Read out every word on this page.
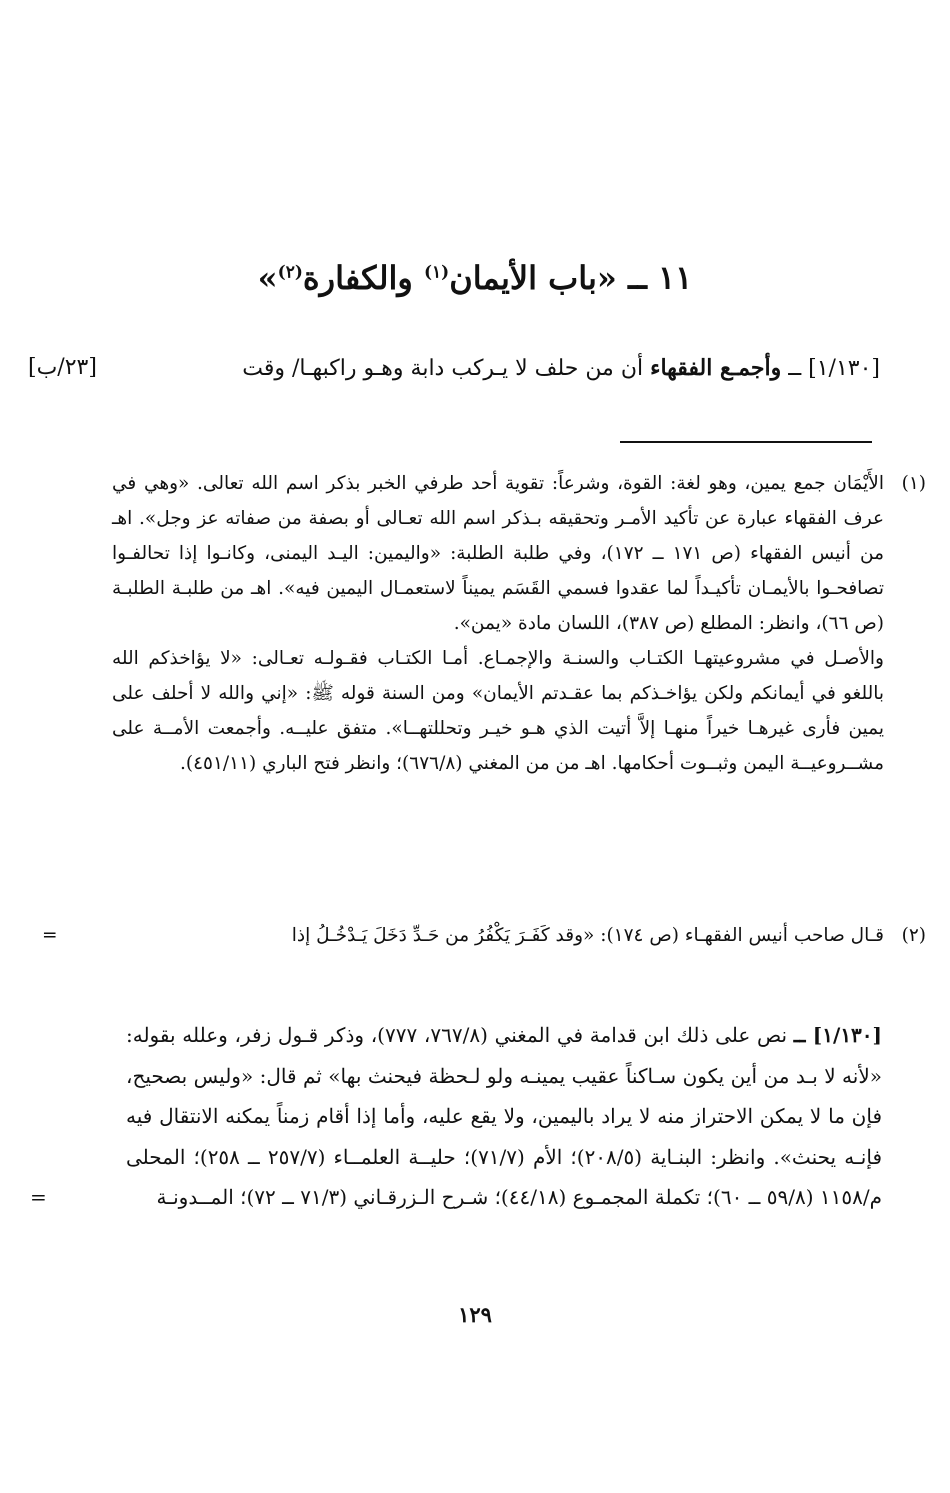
١١ ــ «باب الأيمان$^{(١)}$ والكفارة$^{(٢)}$»
[١/١٣٠] ــ وأجمـع الفقهاء أن من حلف لا يـركب دابة وهـو راكبهـا/ وقت
[٢٣/ب]
(١)

الأَيْمَان جمع يمين، وهو لغة: القوة، وشرعاً: تقوية أحد طرفي الخبر بذكر اسم الله تعالى. «وهي في عرف الفقهاء عبارة عن تأكيد الأمـر وتحقيقه بـذكر اسم الله تعـالى أو بصفة من صفاته عز وجل». اهـ من أنيس الفقهاء (ص ١٧١ ــ ١٧٢)، وفي طلبة الطلبة: «واليمين: اليـد اليمنى، وكانـوا إذا تحالفـوا تصافحـوا بالأيمـان تأكيـداً لما عقدوا فسمي القَسَم يميناً لاستعمـال اليمين فيه». اهـ من طلبـة الطلبـة (ص ٦٦)، وانظر: المطلع (ص ٣٨٧)، اللسان مادة «يمن».

والأصـل في مشروعيتهـا الكتـاب والسنـة والإجمـاع. أمـا الكتـاب فقـولـه تعـالى: «لا يؤاخذكم الله باللغو في أيمانكم ولكن يؤاخـذكم بما عقـدتم الأيمان» ومن السنة قوله ﷺ: «إني والله لا أحلف على يمين فأرى غيرهـا خيراً منهـا إلاَّ أتيت الذي هـو خيـر وتحللتهــا». متفق عليــه. وأجمعت الأمــة على مشــروعيــة اليمن وثبــوت أحكامها. اهـ من من المغني (٦٧٦/٨)؛ وانظر فتح الباري (٤٥١/١١).

(٢)

قـال صاحب أنيس الفقهـاء (ص ١٧٤): «وقد كَفَـرَ يَكْفُرُ من حَـدِّ دَخَلَ يَـدْخُـلُ إذا

=
[١/١٣٠] ــ نص على ذلك ابن قدامة في المغني (٧٦٧/٨، ٧٧٧)، وذكر قـول زفر، وعلله بقوله: «لأنه لا بـد من أين يكون سـاكناً عقيب يمينـه ولو لـحظة فيحنث بها» ثم قال: «وليس بصحيح، فإن ما لا يمكن الاحتراز منه لا يراد باليمين، ولا يقع عليه، وأما إذا أقام زمناً يمكنه الانتقال فيه فإنـه يحنث». وانظر: البنـاية (٢٠٨/٥)؛ الأم (٧١/٧)؛ حليــة العلمــاء (٢٥٧/٧ ــ ٢٥٨)؛ المحلى م/١١٥٨ (٥٩/٨ ــ ٦٠)؛ تكملة المجمـوع (٤٤/١٨)؛ شـرح الـزرقـاني (٧١/٣ ــ ٧٢)؛ المــدونـة
=
١٢٩
